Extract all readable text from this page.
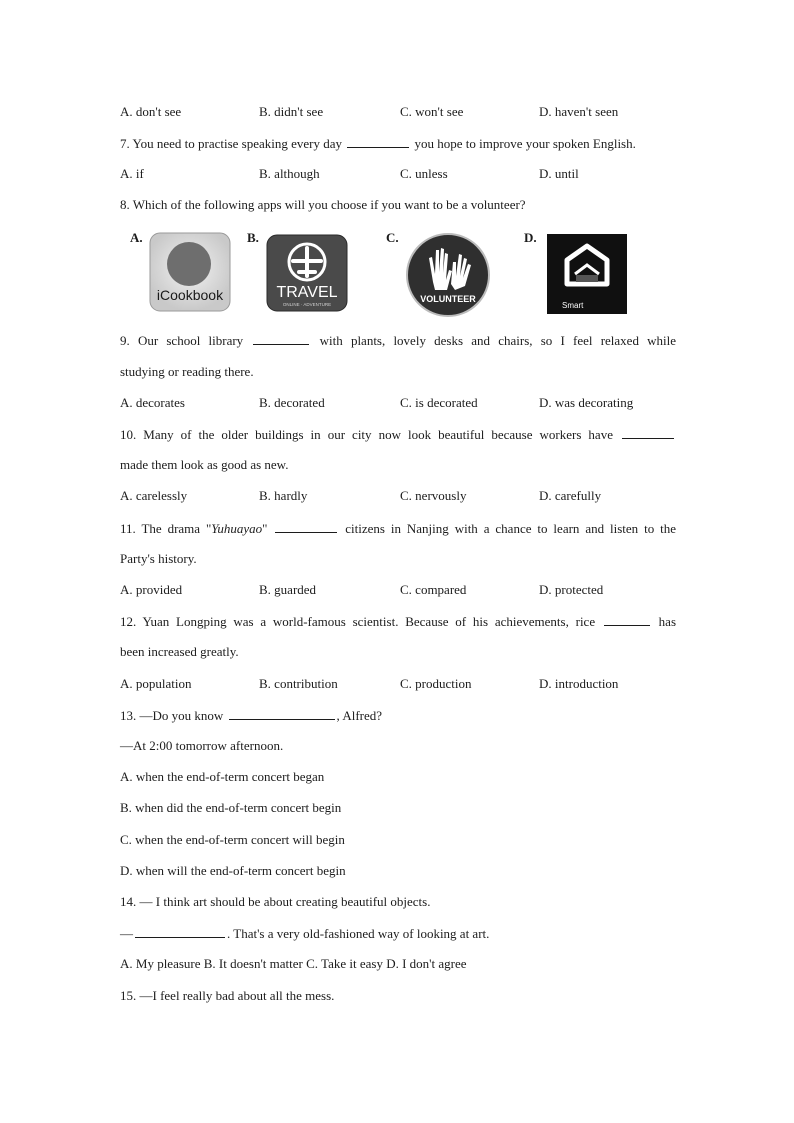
A. don't see	B. didn't see	C. won't see	D. haven't seen
7. You need to practise speaking every day	you hope to improve your spoken English.
A. if	B. although	C. unless	D. until
8. Which of the following apps will you choose if you want to be a volunteer?
A.	B.	C.	D.
iCookbook	TRAVEL
ONLINE · ADVENTURE
VOLUNTEER
Smart
9. Our school library	with plants, lovely desks and chairs, so I feel relaxed while
studying or reading there.
A. decorates	B. decorated	C. is decorated	D. was decorating
10. Many of the older buildings in our city now look beautiful because workers have
made them look as good as new.
A. carelessly	B. hardly	C. nervously	D. carefully
11. The drama "Yuhuayao"	citizens in Nanjing with a chance to learn and listen to the
Party's history.
A. provided	B. guarded	C. compared	D. protected
12. Yuan Longping was a world-famous scientist. Because of his achievements, rice	has
been increased greatly.
A. population	B. contribution	C. production	D. introduction
13. —Do you know	, Alfred?
—At 2:00 tomorrow afternoon.
A. when the end-of-term concert began
B. when did the end-of-term concert begin
C. when the end-of-term concert will begin
D. when will the end-of-term concert begin
14. — I think art should be about creating beautiful objects.
—	. That's a very old-fashioned way of looking at art.
A. My pleasure B. It doesn't matter C. Take it easy D. I don't agree
15. —I feel really bad about all the mess.
